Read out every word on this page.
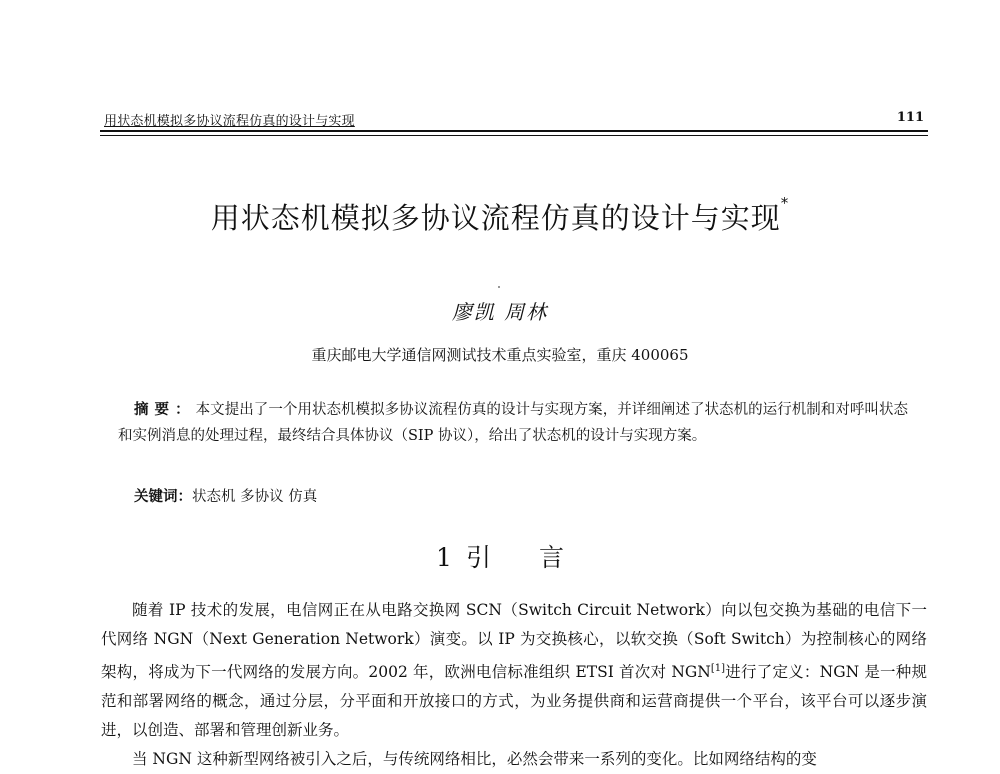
用状态机模拟多协议流程仿真的设计与实现	111
用状态机模拟多协议流程仿真的设计与实现*
廖凯 周林
重庆邮电大学通信网测试技术重点实验室，重庆 400065
摘要：本文提出了一个用状态机模拟多协议流程仿真的设计与实现方案，并详细阐述了状态机的运行机制和对呼叫状态和实例消息的处理过程，最终结合具体协议（SIP 协议），给出了状态机的设计与实现方案。
关键词：状态机 多协议 仿真
1 引 言

随着 IP 技术的发展，电信网正在从电路交换网 SCN（Switch Circuit Network）向以包交换为基础的电信下一代网络 NGN（Next Generation Network）演变。以 IP 为交换核心，以软交换（Soft Switch）为控制核心的网络架构，将成为下一代网络的发展方向。2002 年，欧洲电信标准组织 ETSI 首次对 NGN[1]进行了定义：NGN 是一种规范和部署网络的概念，通过分层，分平面和开放接口的方式，为业务提供商和运营商提供一个平台，该平台可以逐步演进，以创造、部署和管理创新业务。

当 NGN 这种新型网络被引入之后，与传统网络相比，必然会带来一系列的变化。比如网络结构的变
